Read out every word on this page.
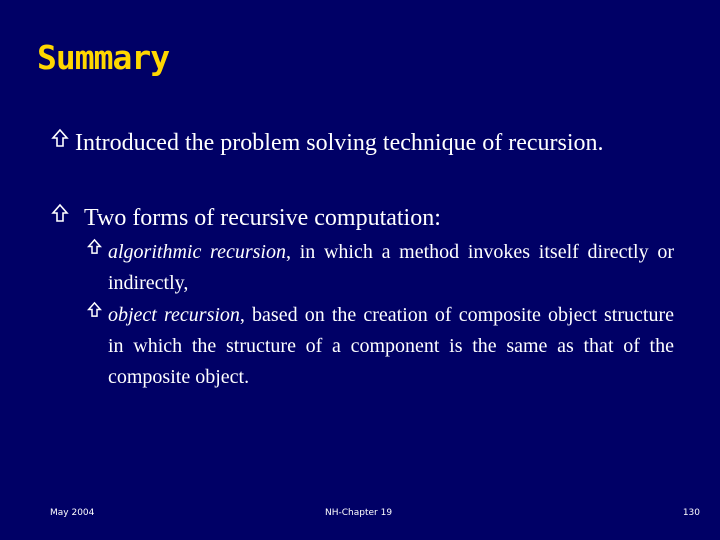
Summary
Introduced the problem solving technique of recursion.
Two forms of recursive computation:
algorithmic recursion, in which a method invokes itself directly or indirectly,
object recursion, based on the creation of composite object structure in which the structure of a component is the same as that of the composite object.
May 2004	NH-Chapter 19	130
